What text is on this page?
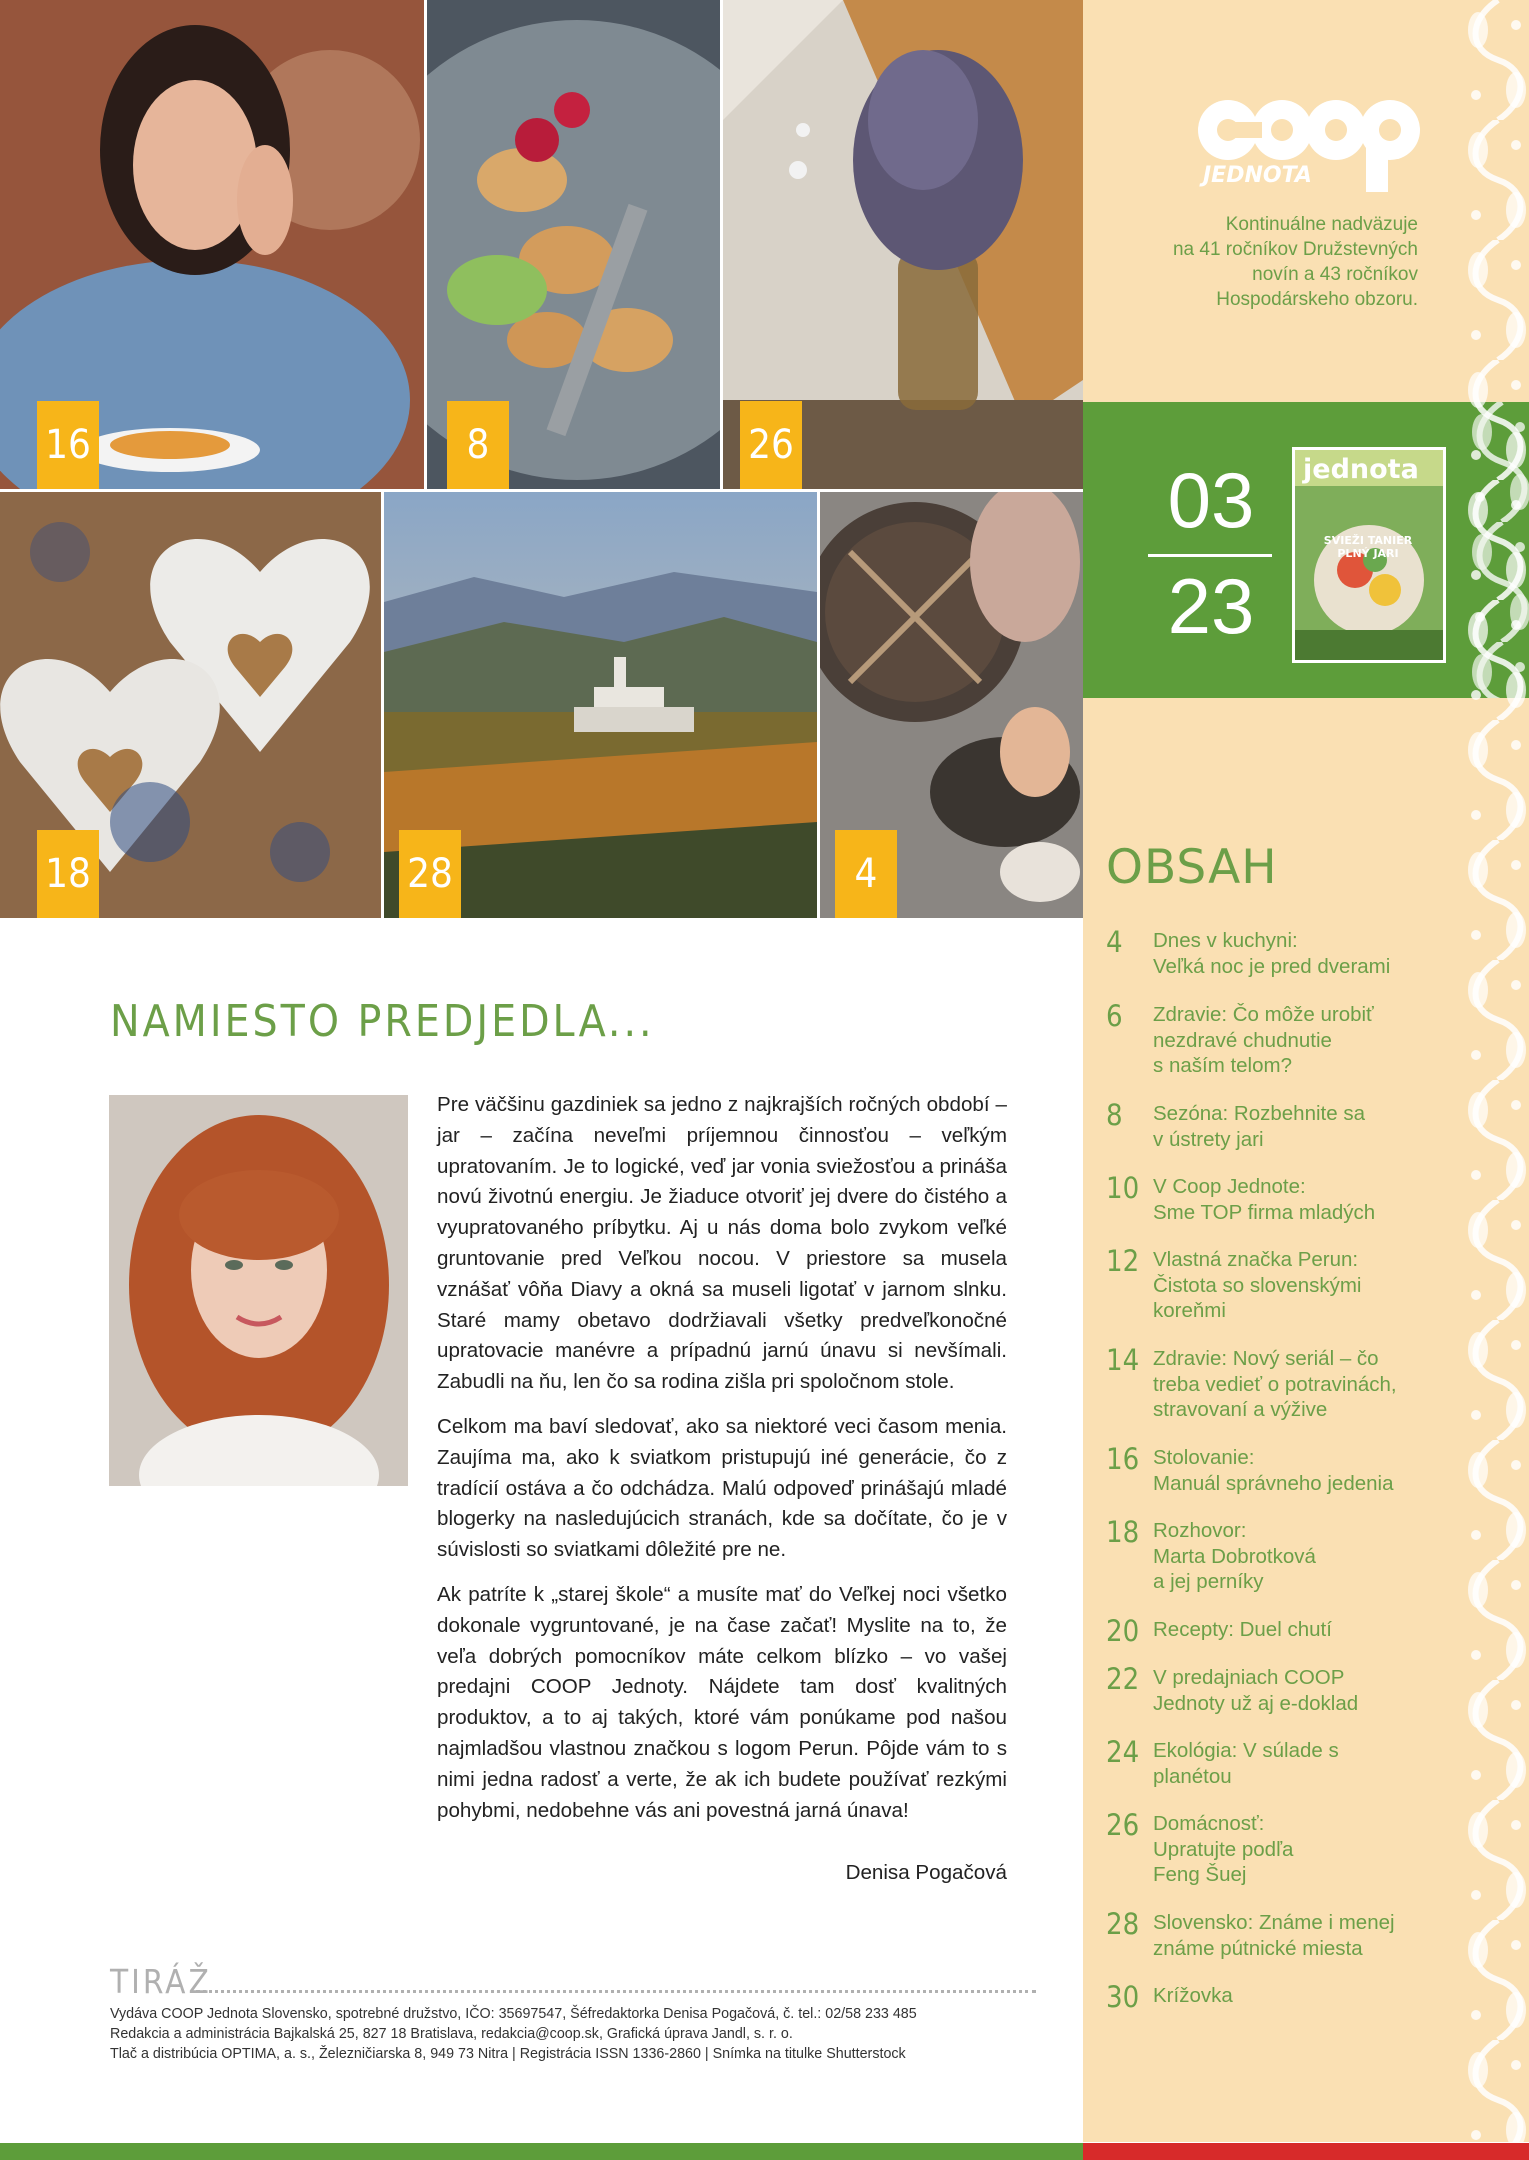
16	8	26
18	28	4
JEDNOTA
Kontinuálne nadväzuje
na 41 ročníkov Družstevných
novín a 43 ročníkov
Hospodárskeho obzoru.
03
23
jednota
SVIEŽI TANIER PLNÝ JARI
OBSAH
4	Dnes v kuchyni:
Veľká noc je pred dverami
6	Zdravie: Čo môže urobiť
nezdravé chudnutie
s naším telom?
8	Sezóna: Rozbehnite sa
v ústrety jari
10 V Coop Jednote:
Sme TOP firma mladých
12 Vlastná značka Perun:
Čistota so slovenskými
koreňmi
14 Zdravie: Nový seriál – čo
treba vedieť o potravinách,
stravovaní a výžive
16 Stolovanie:
Manuál správneho jedenia
18 Rozhovor:
Marta Dobrotková
a jej perníky
20 Recepty: Duel chutí
22 V predajniach COOP
Jednoty už aj e-doklad
24 Ekológia: V súlade s
planétou
26 Domácnosť:
Upratujte podľa
Feng Šuej
28 Slovensko: Známe i menej
známe pútnické miesta
30 Krížovka
NAMIESTO PREDJEDLA...

Pre väčšinu gazdiniek sa jedno z najkrajších ročných období – jar – začína neveľmi príjemnou činnosťou – veľkým upratovaním. Je to logické, veď jar vonia sviežosťou a prináša novú životnú energiu. Je žiaduce otvoriť jej dvere do čistého a vyupratovaného príbytku. Aj u nás doma bolo zvykom veľké gruntovanie pred Veľkou nocou. V priestore sa musela vznášať vôňa Diavy a okná sa museli ligotať v jarnom slnku. Staré mamy obetavo dodržiavali všetky predveľkonočné upratovacie manévre a prípadnú jarnú únavu si nevšímali. Zabudli na ňu, len čo sa rodina zišla pri spoločnom stole.

Celkom ma baví sledovať, ako sa niektoré veci časom menia. Zaujíma ma, ako k sviatkom pristupujú iné generácie, čo z tradícií ostáva a čo odchádza. Malú odpoveď prinášajú mladé blogerky na nasledujúcich stranách, kde sa dočítate, čo je v súvislosti so sviatkami dôležité pre ne.

Ak patríte k „starej škole“ a musíte mať do Veľkej noci všetko dokonale vygruntované, je na čase začať! Myslite na to, že veľa dobrých pomocníkov máte celkom blízko – vo vašej predajni COOP Jednoty. Nájdete tam dosť kvalitných produktov, a to aj takých, ktoré vám ponúkame pod našou najmladšou vlastnou značkou s logom Perun. Pôjde vám to s nimi jedna radosť a verte, že ak ich budete používať rezkými pohybmi, nedobehne vás ani povestná jarná únava!

Denisa Pogačová
TIRÁŽ
Vydáva COOP Jednota Slovensko, spotrebné družstvo, IČO: 35697547, Šéfredaktorka Denisa Pogačová, č. tel.: 02/58 233 485
Redakcia a administrácia Bajkalská 25, 827 18 Bratislava, redakcia@coop.sk, Grafická úprava Jandl, s. r. o.
Tlač a distribúcia OPTIMA, a. s., Železničiarska 8, 949 73 Nitra | Registrácia ISSN 1336-2860 | Snímka na titulke Shutterstock
